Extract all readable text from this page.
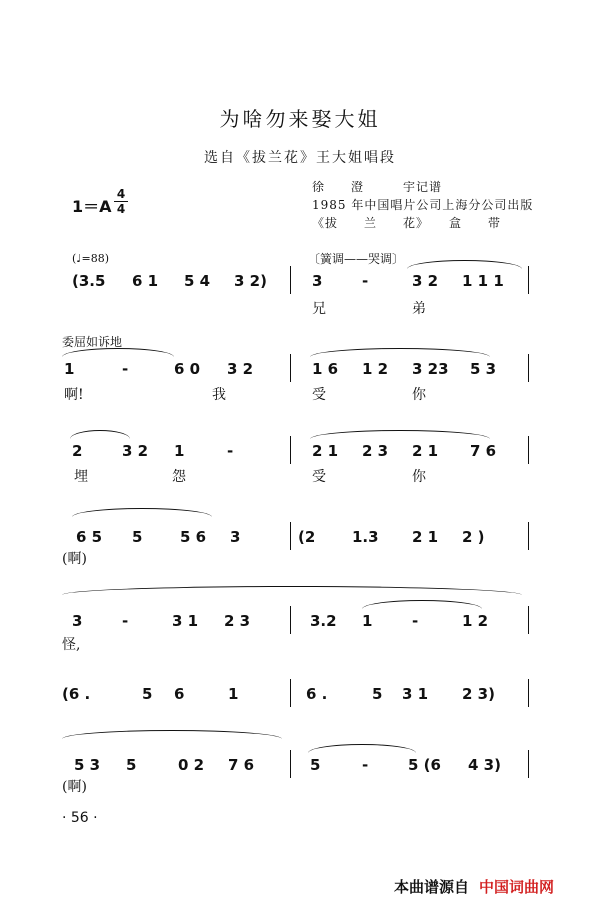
为啥勿来娶大姐
选自《拔兰花》王大姐唱段
1＝A
4
4
徐　　澄　　　宇记谱
1985 年中国唱片公司上海分公司出版
《拔　　兰　　花》　　盒　　带
(♩=88)	〔簧调——哭调〕
委屈如诉地
(3.5 6 1 5 4 3 2)	3	-	3 2 1 1 1
兄	弟
1	-	6 0 3 2	1 6 1 2 3 23 5 3
啊!	我	受	你
2	3 2 1	-	2 1 2 3 2 1 7 6
埋	怨	受	你
6 5 5	5 6 3	(2 1.3 2 1 2 )
(啊)
3	-	3 1 2 3	3.2 1	-	1 2
怪,
(6 .	5 6	1	6 .	5 3 1 2 3)
5 3 5	0 2 7 6	5	-	5 (6 4 3)
(啊)
· 56 ·
本曲谱源自 中国词曲网
